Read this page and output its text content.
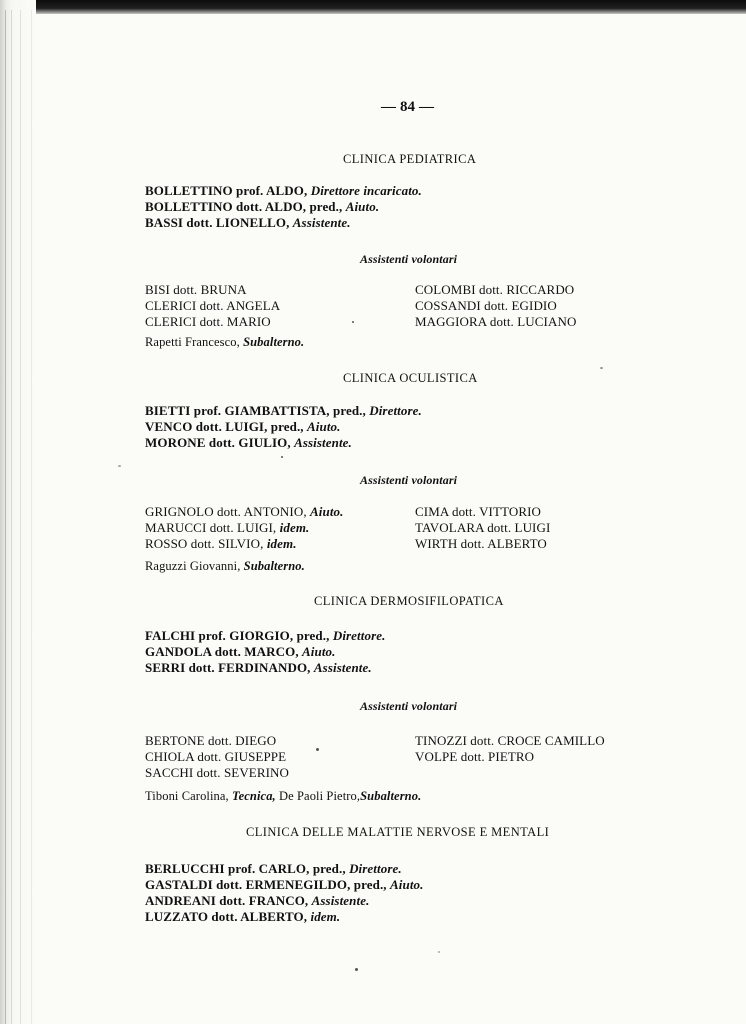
— 84 —
CLINICA PEDIATRICA
BOLLETTINO prof. ALDO, Direttore incaricato.
BOLLETTINO dott. ALDO, pred., Aiuto.
BASSI dott. LIONELLO, Assistente.
Assistenti volontari
BISI dott. BRUNA
CLERICI dott. ANGELA
CLERICI dott. MARIO
COLOMBI dott. RICCARDO
COSSANDI dott. EGIDIO
MAGGIORA dott. LUCIANO
Rapetti Francesco, Subalterno.
CLINICA OCULISTICA
BIETTI prof. GIAMBATTISTA, pred., Direttore.
VENCO dott. LUIGI, pred., Aiuto.
MORONE dott. GIULIO, Assistente.
Assistenti volontari
GRIGNOLO dott. ANTONIO, Aiuto.
MARUCCI dott. LUIGI, idem.
ROSSO dott. SILVIO, idem.
CIMA dott. VITTORIO
TAVOLARA dott. LUIGI
WIRTH dott. ALBERTO
Raguzzi Giovanni, Subalterno.
CLINICA DERMOSIFILOPATICA
FALCHI prof. GIORGIO, pred., Direttore.
GANDOLA dott. MARCO, Aiuto.
SERRI dott. FERDINANDO, Assistente.
Assistenti volontari
BERTONE dott. DIEGO
CHIOLA dott. GIUSEPPE
SACCHI dott. SEVERINO
TINOZZI dott. CROCE CAMILLO
VOLPE dott. PIETRO
Tiboni Carolina, Tecnica, De Paoli Pietro,Subalterno.
CLINICA DELLE MALATTIE NERVOSE E MENTALI
BERLUCCHI prof. CARLO, pred., Direttore.
GASTALDI dott. ERMENEGILDO, pred., Aiuto.
ANDREANI dott. FRANCO, Assistente.
LUZZATO dott. ALBERTO, idem.
